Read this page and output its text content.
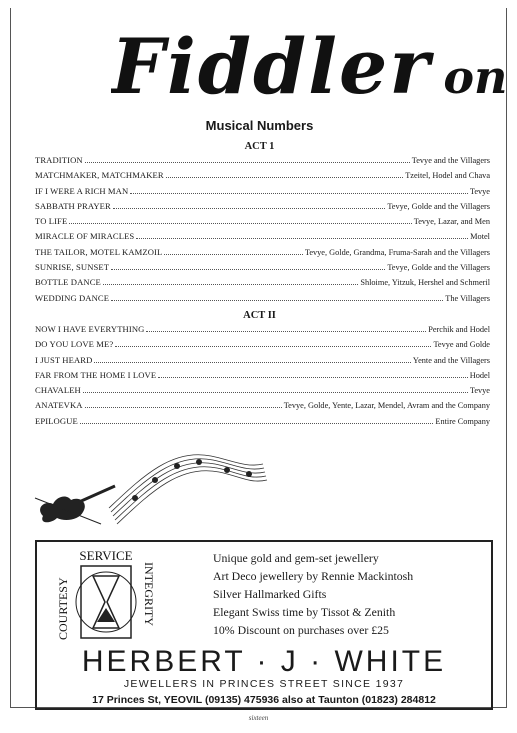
Fiddler on
Musical Numbers
ACT 1
TRADITION	Tevye and the Villagers
MATCHMAKER, MATCHMAKER	Tzeitel, Hodel and Chava
IF I WERE A RICH MAN	Tevye
SABBATH PRAYER	Tevye, Golde and the Villagers
TO LIFE	Tevye, Lazar, and Men
MIRACLE OF MIRACLES	Motel
THE TAILOR, MOTEL KAMZOIL	Tevye, Golde, Grandma, Fruma-Sarah and the Villagers
SUNRISE, SUNSET	Tevye, Golde and the Villagers
BOTTLE DANCE	Shloime, Yitzuk, Hershel and Schmeril
WEDDING DANCE	The Villagers
ACT II
NOW I HAVE EVERYTHING	Perchik and Hodel
DO YOU LOVE ME?	Tevye and Golde
I JUST HEARD	Yente and the Villagers
FAR FROM THE HOME I LOVE	Hodel
CHAVALEH	Tevye
ANATEVKA	Tevye, Golde, Yente, Lazar, Mendel, Avram and the Company
EPILOGUE	Entire Company
SERVICE
COURTESY	INTEGRITY
Unique gold and gem-set jewellery
Art Deco jewellery by Rennie Mackintosh
Silver Hallmarked Gifts
Elegant Swiss time by Tissot & Zenith
10% Discount on purchases over £25
HERBERT · J · WHITE
JEWELLERS IN PRINCES STREET SINCE 1937
17 Princes St, YEOVIL (09135) 475936 also at Taunton (01823) 284812
sixteen
